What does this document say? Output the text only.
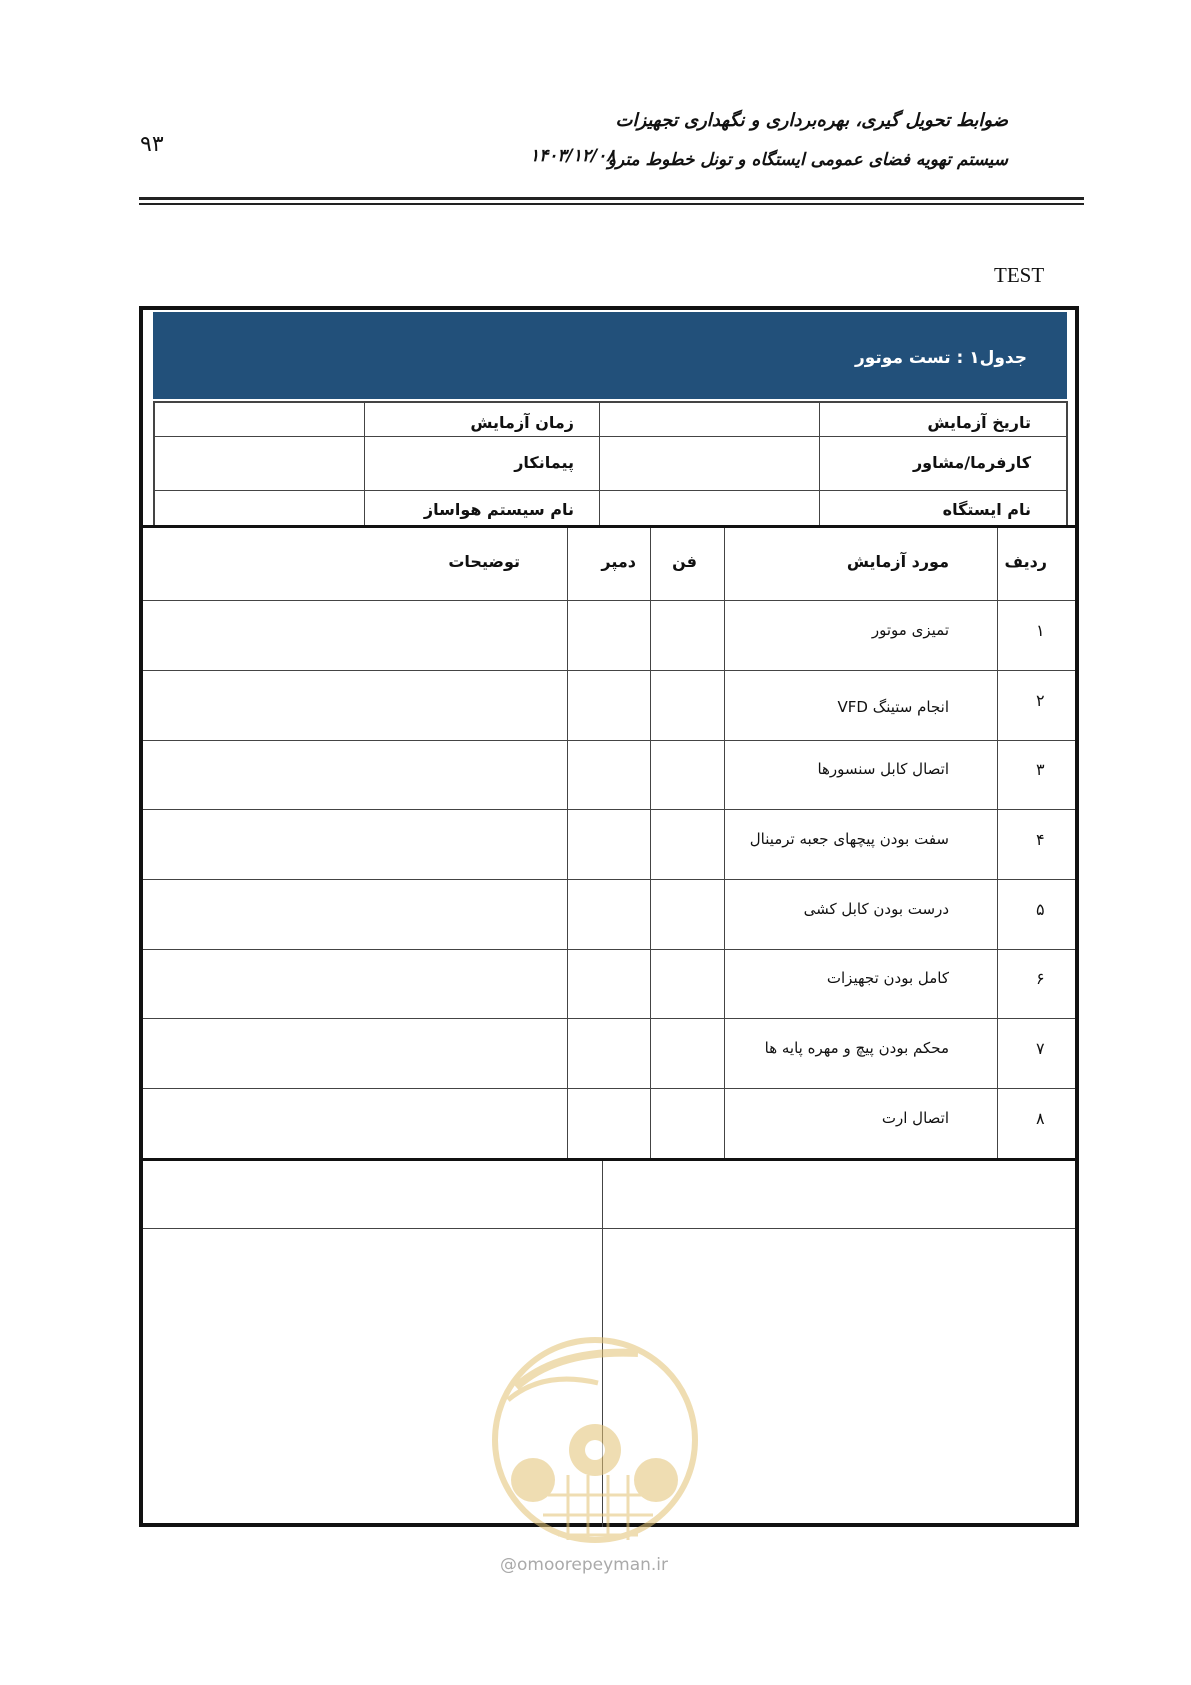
۹۳
ضوابط تحویل گیری، بهره‌برداری و نگهداری تجهیزات
سیستم تهویه فضای عمومی ایستگاه و تونل خطوط مترو
۱۴۰۳/۱۲/۰۸
TEST
جدول۱ : تست موتور
تاریخ آزمایش
زمان آزمایش
کارفرما/مشاور
پیمانکار
نام ایستگاه
نام سیستم هواساز
ردیف
مورد آزمایش
فن
دمپر
توضیحات
۱
۲
۳
۴
۵
۶
۷
۸
تمیزی موتور
انجام ستینگ VFD
اتصال کابل سنسورها
سفت بودن پیچهای جعبه ترمینال
درست بودن کابل کشی
کامل بودن تجهیزات
محکم بودن پیچ و مهره پایه ها
اتصال ارت
@omoorepeyman.ir
